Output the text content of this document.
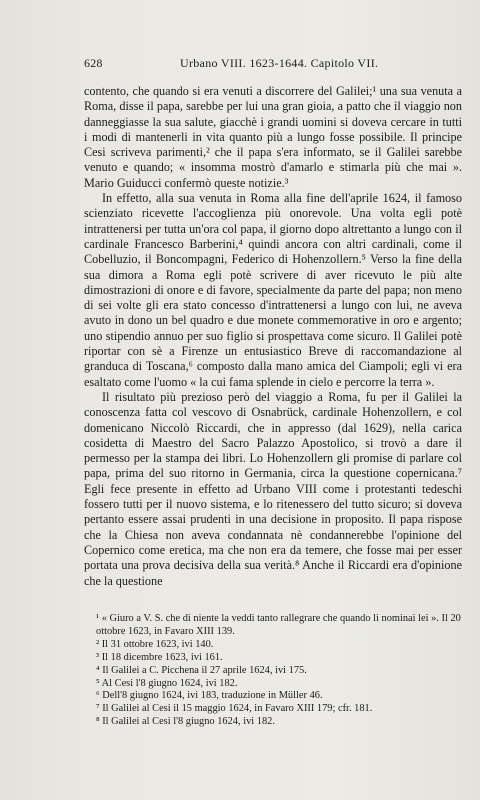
628	Urbano VIII. 1623-1644. Capitolo VII.

contento, che quando si era venuti a discorrere del Galilei;¹ una sua venuta a Roma, disse il papa, sarebbe per lui una gran gioia, a patto che il viaggio non danneggiasse la sua salute, giacchè i grandi uomini si doveva cercare in tutti i modi di mantenerli in vita quanto più a lungo fosse possibile. Il principe Cesi scriveva parimenti,² che il papa s'era informato, se il Galilei sarebbe venuto e quando; « insomma mostrò d'amarlo e stimarla più che mai ». Mario Guiducci confermò queste notizie.³

In effetto, alla sua venuta in Roma alla fine dell'aprile 1624, il famoso scienziato ricevette l'accoglienza più onorevole. Una volta egli potè intrattenersi per tutta un'ora col papa, il giorno dopo altrettanto a lungo con il cardinale Francesco Barberini,⁴ quindi ancora con altri cardinali, come il Cobelluzio, il Boncompagni, Federico di Hohenzollern.⁵ Verso la fine della sua dimora a Roma egli potè scrivere di aver ricevuto le più alte dimostrazioni di onore e di favore, specialmente da parte del papa; non meno di sei volte gli era stato concesso d'intrattenersi a lungo con lui, ne aveva avuto in dono un bel quadro e due monete commemorative in oro e argento; uno stipendio annuo per suo figlio si prospettava come sicuro. Il Galilei potè riportar con sè a Firenze un entusiastico Breve di raccomandazione al granduca di Toscana,⁶ composto dalla mano amica del Ciampoli; egli vi era esaltato come l'uomo « la cui fama splende in cielo e percorre la terra ».

Il risultato più prezioso però del viaggio a Roma, fu per il Galilei la conoscenza fatta col vescovo di Osnabrück, cardinale Hohenzollern, e col domenicano Niccolò Riccardi, che in appresso (dal 1629), nella carica cosidetta di Maestro del Sacro Palazzo Apostolico, si trovò a dare il permesso per la stampa dei libri. Lo Hohenzollern gli promise di parlare col papa, prima del suo ritorno in Germania, circa la questione copernicana.⁷ Egli fece presente in effetto ad Urbano VIII come i protestanti tedeschi fossero tutti per il nuovo sistema, e lo ritenessero del tutto sicuro; si doveva pertanto essere assai prudenti in una decisione in proposito. Il papa rispose che la Chiesa non aveva condannata nè condannerebbe l'opinione del Copernico come eretica, ma che non era da temere, che fosse mai per esser portata una prova decisiva della sua verità.⁸ Anche il Riccardi era d'opinione che la questione

¹ « Giuro a V. S. che di niente la veddi tanto rallegrare che quando li nominai lei ». Il 20 ottobre 1623, in Favaro XIII 139.

² Il 31 ottobre 1623, ivi 140.

³ Il 18 dicembre 1623, ivi 161.

⁴ Il Galilei a C. Picchena il 27 aprile 1624, ivi 175.

⁵ Al Cesi l'8 giugno 1624, ivi 182.

⁶ Dell'8 giugno 1624, ivi 183, traduzione in Müller 46.

⁷ Il Galilei al Cesi il 15 maggio 1624, in Favaro XIII 179; cfr. 181.

⁸ Il Galilei al Cesi l'8 giugno 1624, ivi 182.
